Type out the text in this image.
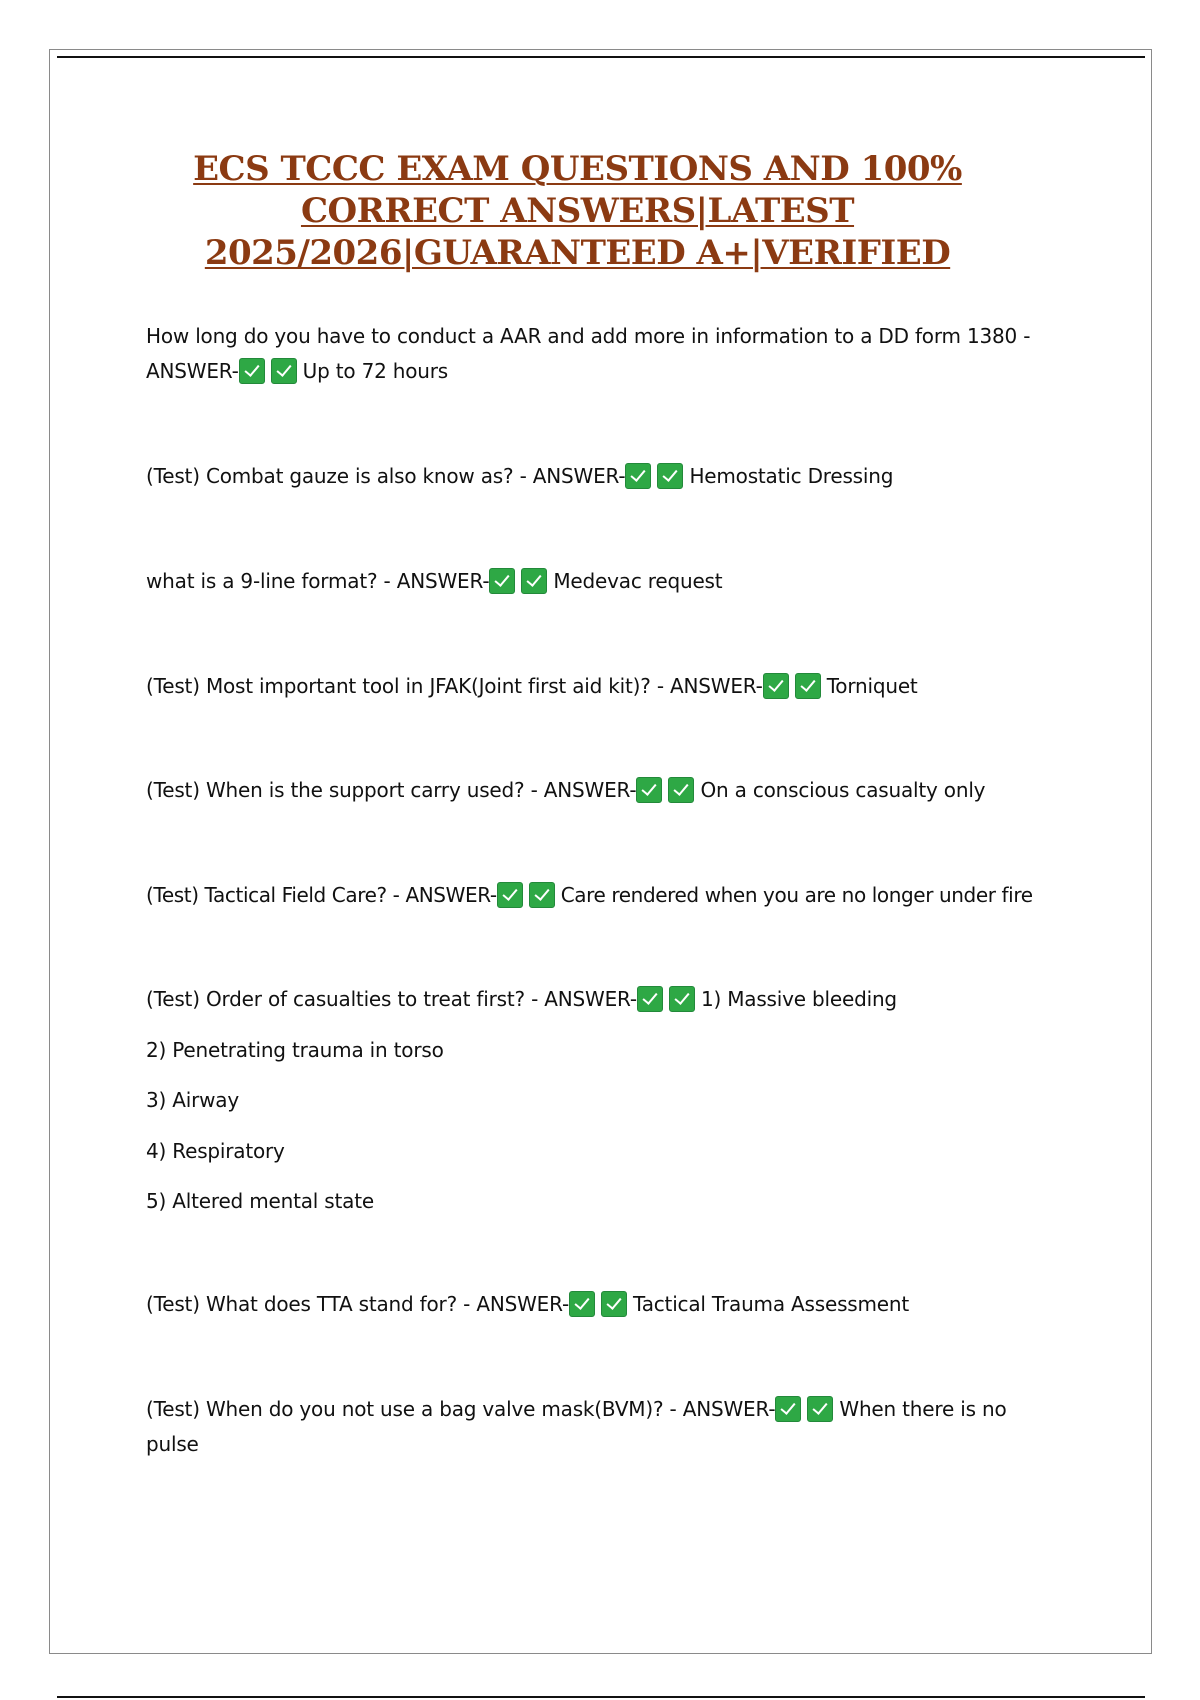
ECS TCCC EXAM QUESTIONS AND 100% CORRECT ANSWERS|LATEST 2025/2026|GUARANTEED A+|VERIFIED
How long do you have to conduct a AAR and add more in information to a DD form 1380 - ANSWER-	Up to 72 hours
(Test) Combat gauze is also know as? - ANSWER-	Hemostatic Dressing
what is a 9-line format? - ANSWER-	Medevac request
(Test) Most important tool in JFAK(Joint first aid kit)? - ANSWER-	Torniquet
(Test) When is the support carry used? - ANSWER-	On a conscious casualty only
(Test) Tactical Field Care? - ANSWER-	Care rendered when you are no longer under fire
(Test) Order of casualties to treat first? - ANSWER-	1) Massive bleeding
2) Penetrating trauma in torso
3) Airway
4) Respiratory
5) Altered mental state
(Test) What does TTA stand for? - ANSWER-	Tactical Trauma Assessment
(Test) When do you not use a bag valve mask(BVM)? - ANSWER-	When there is no pulse
